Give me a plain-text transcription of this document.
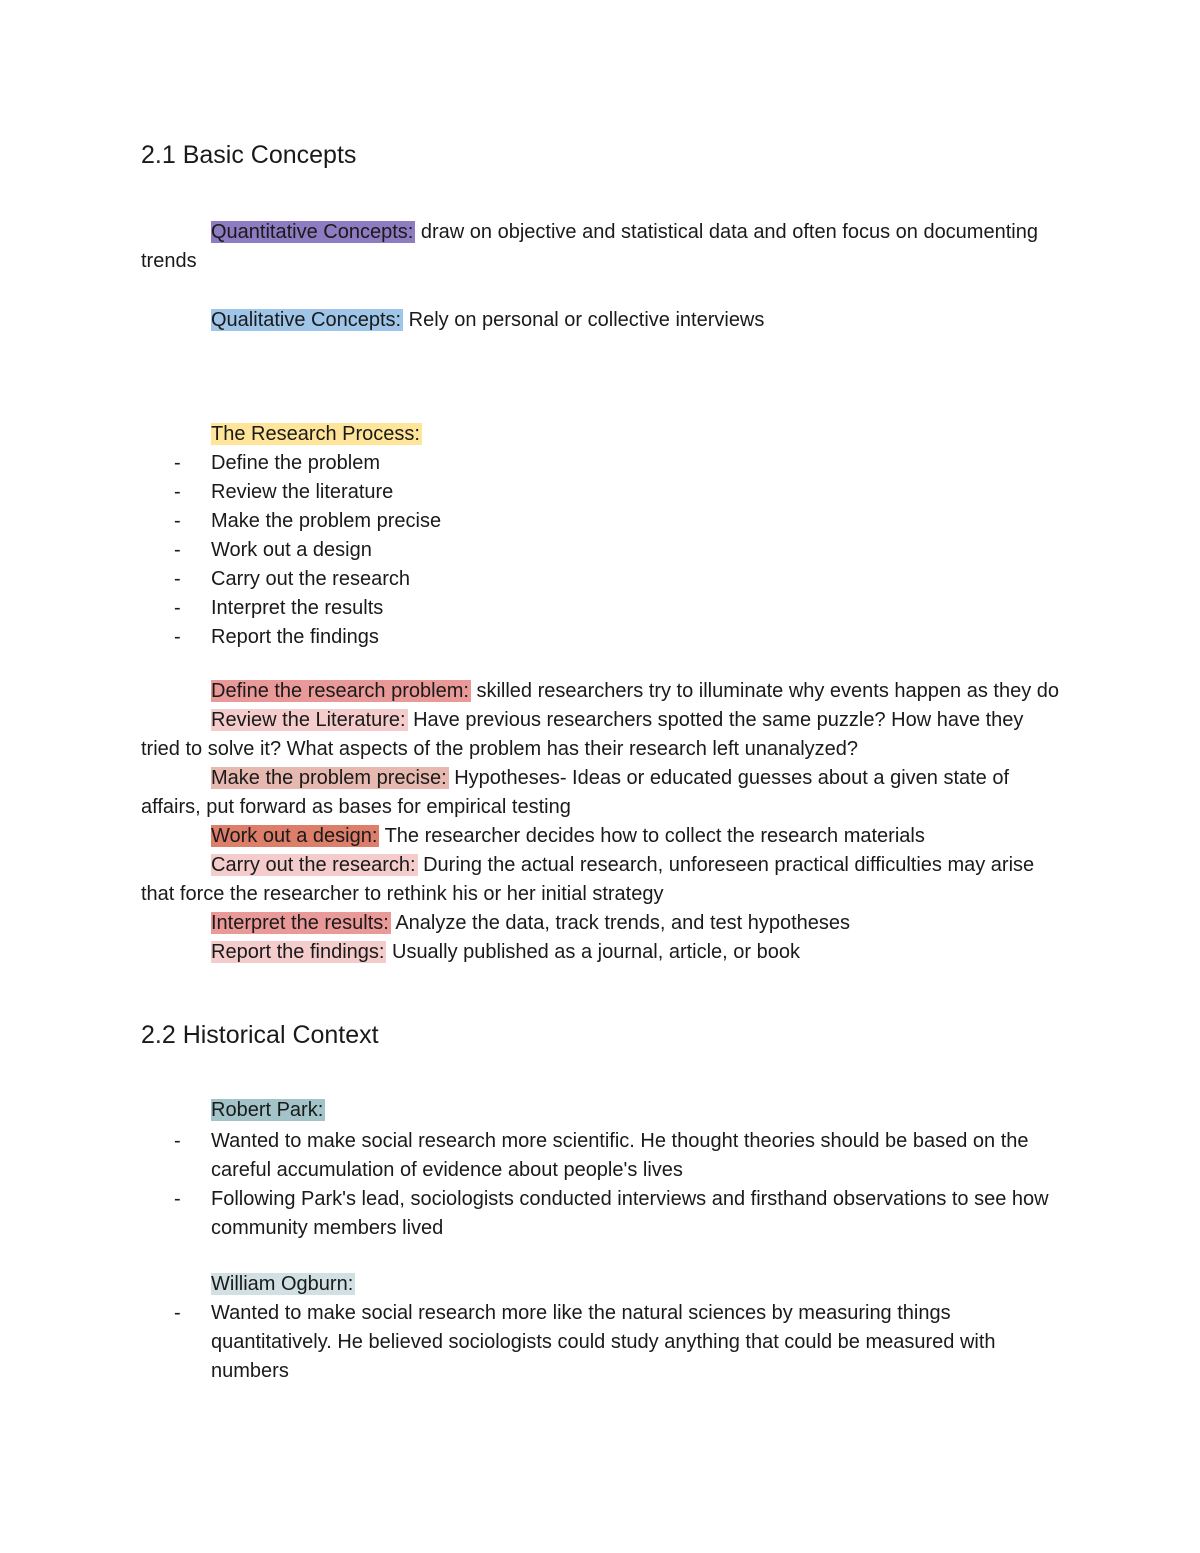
2.1 Basic Concepts

Quantitative Concepts: draw on objective and statistical data and often focus on documenting trends

Qualitative Concepts: Rely on personal or collective interviews

The Research Process:
- Define the problem
- Review the literature
- Make the problem precise
- Work out a design
- Carry out the research
- Interpret the results
- Report the findings

Define the research problem: skilled researchers try to illuminate why events happen as they do

Review the Literature: Have previous researchers spotted the same puzzle? How have they tried to solve it? What aspects of the problem has their research left unanalyzed?

Make the problem precise: Hypotheses- Ideas or educated guesses about a given state of affairs, put forward as bases for empirical testing

Work out a design: The researcher decides how to collect the research materials

Carry out the research: During the actual research, unforeseen practical difficulties may arise that force the researcher to rethink his or her initial strategy

Interpret the results: Analyze the data, track trends, and test hypotheses

Report the findings: Usually published as a journal, article, or book

2.2 Historical Context
Robert Park:
- Wanted to make social research more scientific. He thought theories should be based on the careful accumulation of evidence about people's lives
- Following Park's lead, sociologists conducted interviews and firsthand observations to see how community members lived
William Ogburn:
- Wanted to make social research more like the natural sciences by measuring things quantitatively. He believed sociologists could study anything that could be measured with numbers
